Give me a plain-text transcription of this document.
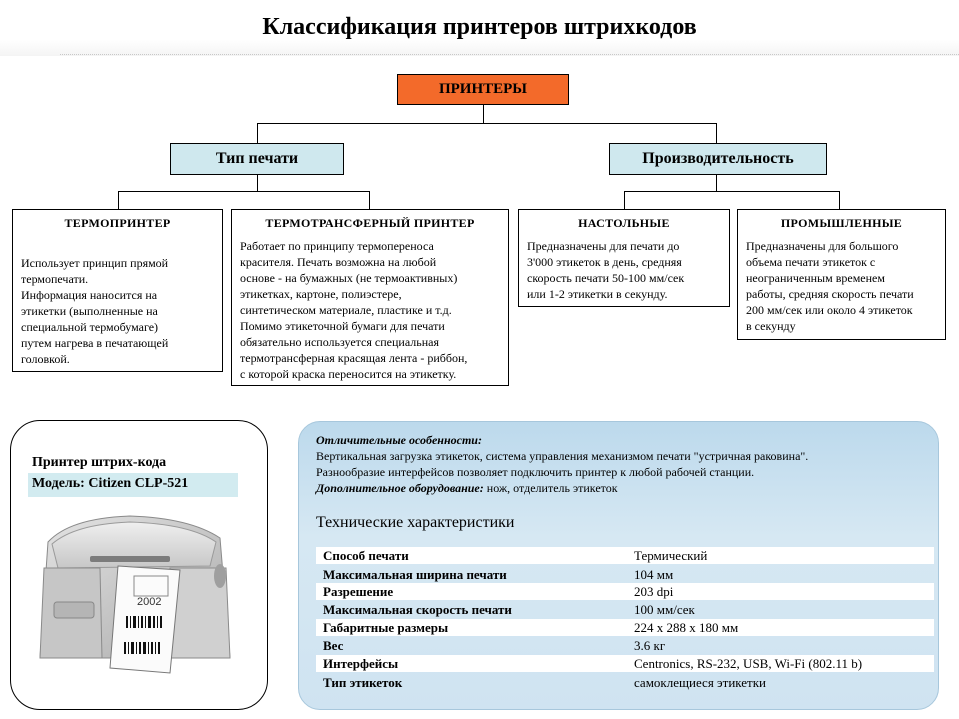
Классификация принтеров штрихкодов
ПРИНТЕРЫ
Тип печати	Производительность
ТЕРМОПРИНТЕР
Использует принцип прямой
термопечати.
Информация наносится на
этикетки (выполненные на
специальной термобумаге)
путем нагрева в печатающей
головкой.
ТЕРМОТРАНСФЕРНЫЙ ПРИНТЕР
Работает по принципу термопереноса
красителя. Печать возможна на любой
основе - на бумажных (не термоактивных)
этикетках, картоне, полиэстере,
синтетическом материале, пластике и т.д.
Помимо этикеточной бумаги для печати
обязательно используется специальная
термотрансферная красящая лента - риббон,
с которой краска переносится на этикетку.
НАСТОЛЬНЫЕ
Предназначены для печати до
3'000 этикеток в день, средняя
скорость печати 50-100 мм/сек
или 1-2 этикетки в секунду.
ПРОМЫШЛЕННЫЕ
Предназначены для большого
объема печати этикеток с
неограниченным временем
работы, средняя скорость печати
200 мм/сек или около 4 этикеток
в секунду
Принтер штрих-кода
Модель: Citizen CLP-521
2002
Отличительные особенности:
Вертикальная загрузка этикеток, система управления механизмом печати "устричная раковина".
Разнообразие интерфейсов позволяет подключить принтер к любой рабочей станции.
Дополнительное оборудование: нож, отделитель этикеток
Технические характеристики
Способ печати	Термический
Максимальная ширина печати	104 мм
Разрешение	203 dpi
Максимальная скорость печати	100 мм/сек
Габаритные размеры	224 х 288 х 180 мм
Вес	3.6 кг
Интерфейсы	Centronics, RS-232, USB, Wi-Fi (802.11 b)
Тип этикеток	самоклещиеся этикетки
